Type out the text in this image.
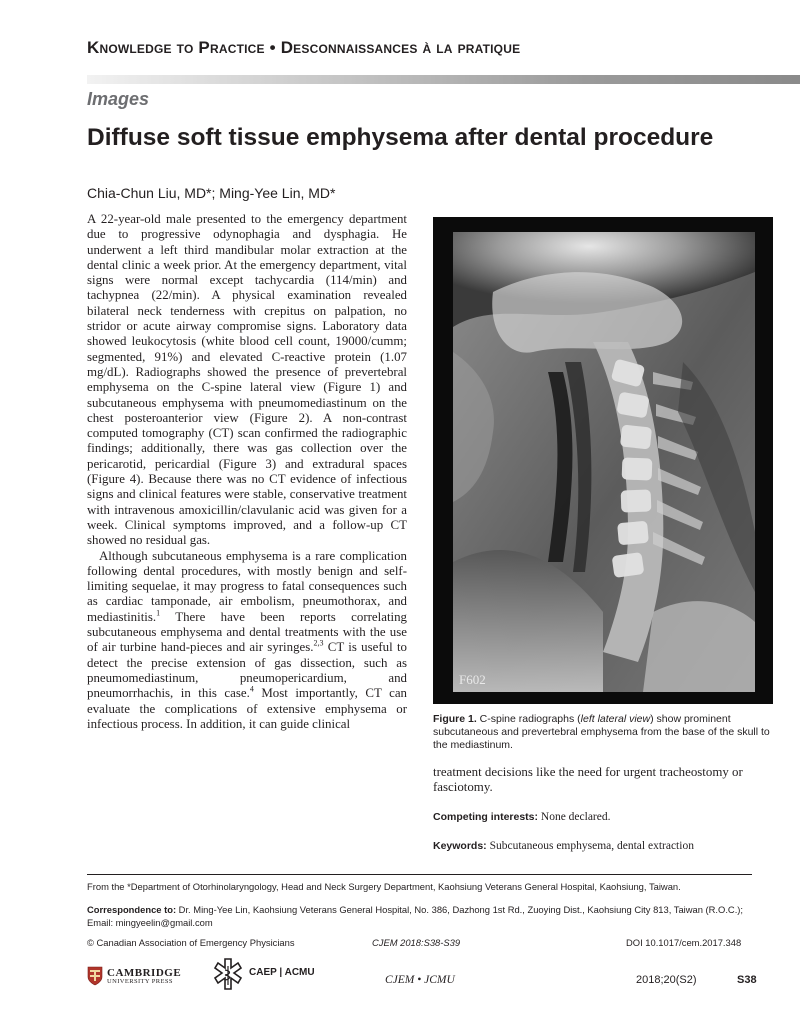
Knowledge to Practice • Desconnaissances à la pratique
Images
Diffuse soft tissue emphysema after dental procedure
Chia-Chun Liu, MD*; Ming-Yee Lin, MD*

A 22-year-old male presented to the emergency department due to progressive odynophagia and dysphagia. He underwent a left third mandibular molar extraction at the dental clinic a week prior. At the emergency department, vital signs were normal except tachycardia (114/min) and tachypnea (22/min). A physical examination revealed bilateral neck tenderness with crepitus on palpation, no stridor or acute airway compromise signs. Laboratory data showed leukocytosis (white blood cell count, 19000/cumm; segmented, 91%) and elevated C-reactive protein (1.07 mg/dL). Radiographs showed the presence of prevertebral emphysema on the C-spine lateral view (Figure 1) and subcutaneous emphysema with pneumomediastinum on the chest posteroanterior view (Figure 2). A non-contrast computed tomography (CT) scan confirmed the radiographic findings; additionally, there was gas collection over the pericarotid, pericardial (Figure 3) and extradural spaces (Figure 4). Because there was no CT evidence of infectious signs and clinical features were stable, conservative treatment with intravenous amoxicillin/clavulanic acid was given for a week. Clinical symptoms improved, and a follow-up CT showed no residual gas.

Although subcutaneous emphysema is a rare complication following dental procedures, with mostly benign and self-limiting sequelae, it may progress to fatal consequences such as cardiac tamponade, air embolism, pneumothorax, and mediastinitis.$^1$ There have been reports correlating subcutaneous emphysema and dental treatments with the use of air turbine hand-pieces and air syringes.$^{2,3}$ CT is useful to detect the precise extension of gas dissection, such as pneumomediastinum, pneumopericardium, and pneumorrhachis, in this case.$^4$ Most importantly, CT can evaluate the complications of extensive emphysema or infectious process. In addition, it can guide clinical

F602
Figure 1. C-spine radiographs (left lateral view) show prominent subcutaneous and prevertebral emphysema from the base of the skull to the mediastinum.
treatment decisions like the need for urgent tracheostomy or fasciotomy.
Competing interests: None declared.
Keywords: Subcutaneous emphysema, dental extraction
From the *Department of Otorhinolaryngology, Head and Neck Surgery Department, Kaohsiung Veterans General Hospital, Kaohsiung, Taiwan.
Correspondence to: Dr. Ming-Yee Lin, Kaohsiung Veterans General Hospital, No. 386, Dazhong 1st Rd., Zuoying Dist., Kaohsiung City 813, Taiwan (R.O.C.); Email: mingyeelin@gmail.com
© Canadian Association of Emergency Physicians	CJEM 2018:S38-S39	DOI 10.1017/cem.2017.348
CAMBRIDGE
UNIVERSITY PRESS
CAEP | ACMU
CJEM • JCMU	2018;20(S2)	S38
